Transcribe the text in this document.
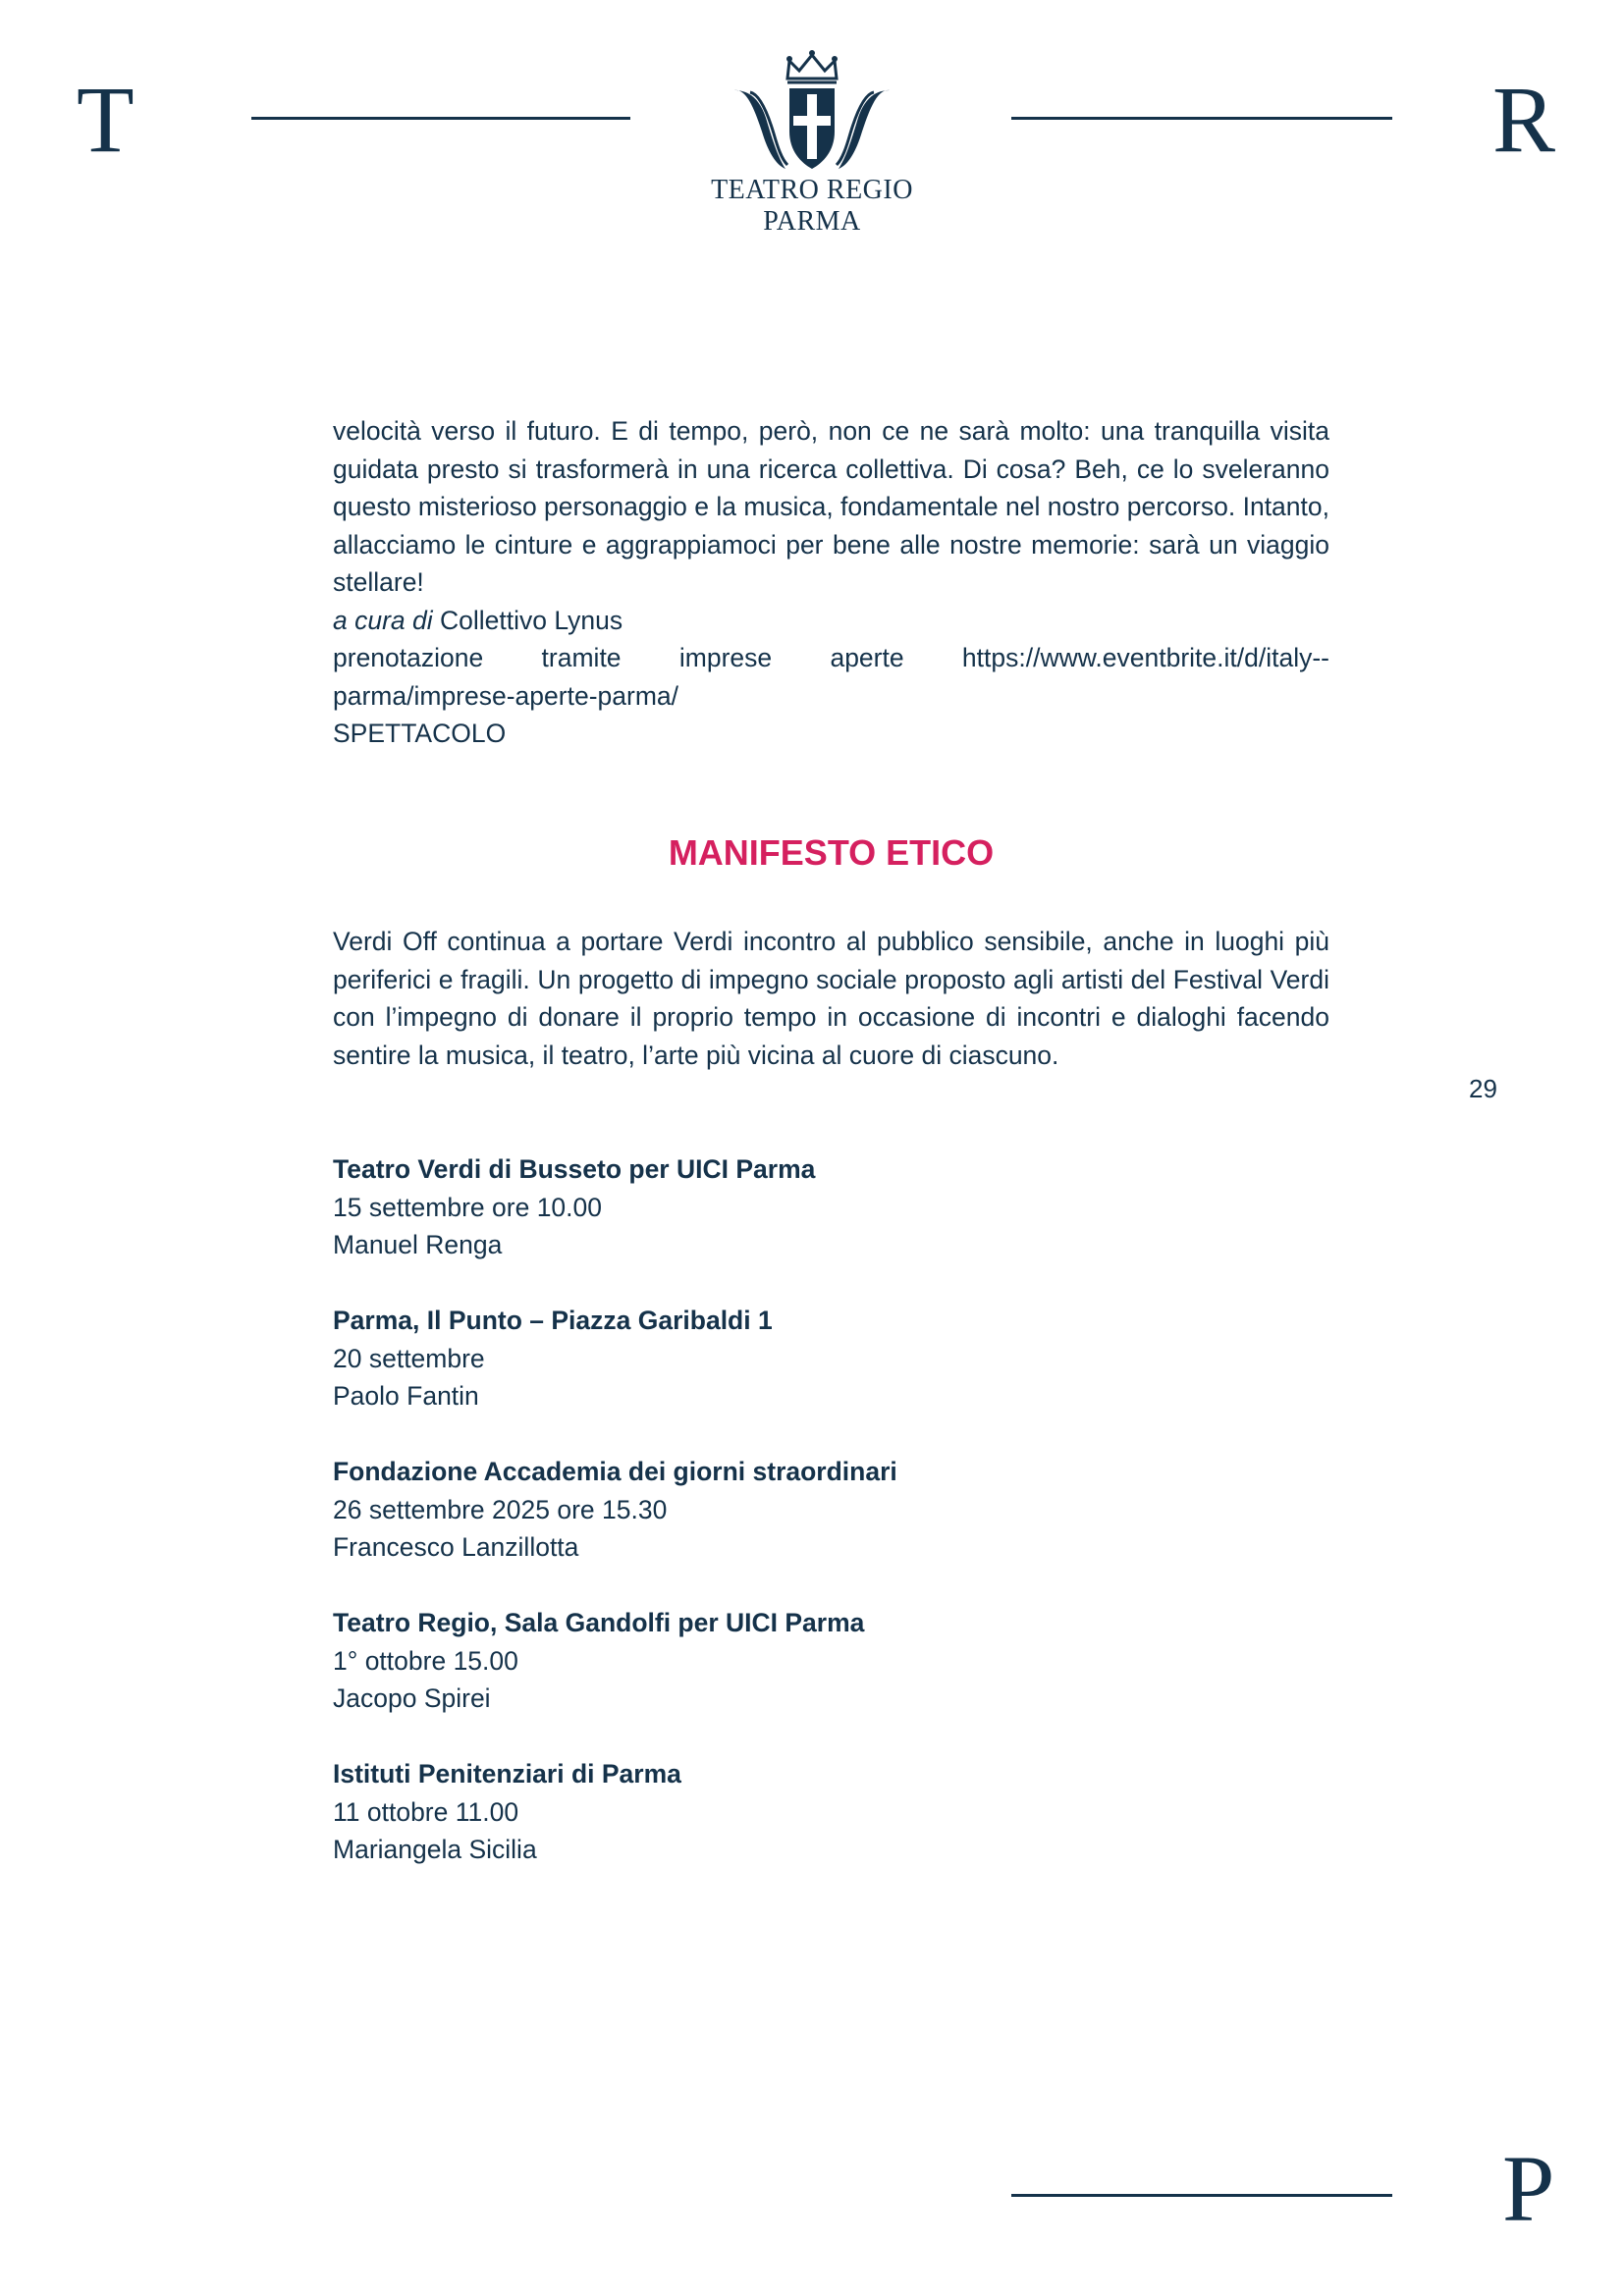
T
TEATRO REGIO
PARMA
R

velocità verso il futuro. E di tempo, però, non ce ne sarà molto: una tranquilla visita guidata presto si trasformerà in una ricerca collettiva. Di cosa? Beh, ce lo sveleranno questo misterioso personaggio e la musica, fondamentale nel nostro percorso. Intanto, allacciamo le cinture e aggrappiamoci per bene alle nostre memorie: sarà un viaggio stellare!

a cura di Collettivo Lynus

prenotazione tramite imprese aperte https://www.eventbrite.it/d/italy--

parma/imprese-aperte-parma/

SPETTACOLO

MANIFESTO ETICO

Verdi Off continua a portare Verdi incontro al pubblico sensibile, anche in luoghi più periferici e fragili. Un progetto di impegno sociale proposto agli artisti del Festival Verdi con l’impegno di donare il proprio tempo in occasione di incontri e dialoghi facendo sentire la musica, il teatro, l’arte più vicina al cuore di ciascuno.

29

Teatro Verdi di Busseto per UICI Parma

15 settembre ore 10.00

Manuel Renga

Parma, Il Punto – Piazza Garibaldi 1

20 settembre

Paolo Fantin

Fondazione Accademia dei giorni straordinari

26 settembre 2025 ore 15.30

Francesco Lanzillotta

Teatro Regio, Sala Gandolfi per UICI Parma

1° ottobre 15.00

Jacopo Spirei

Istituti Penitenziari di Parma

11 ottobre 11.00

Mariangela Sicilia

P
